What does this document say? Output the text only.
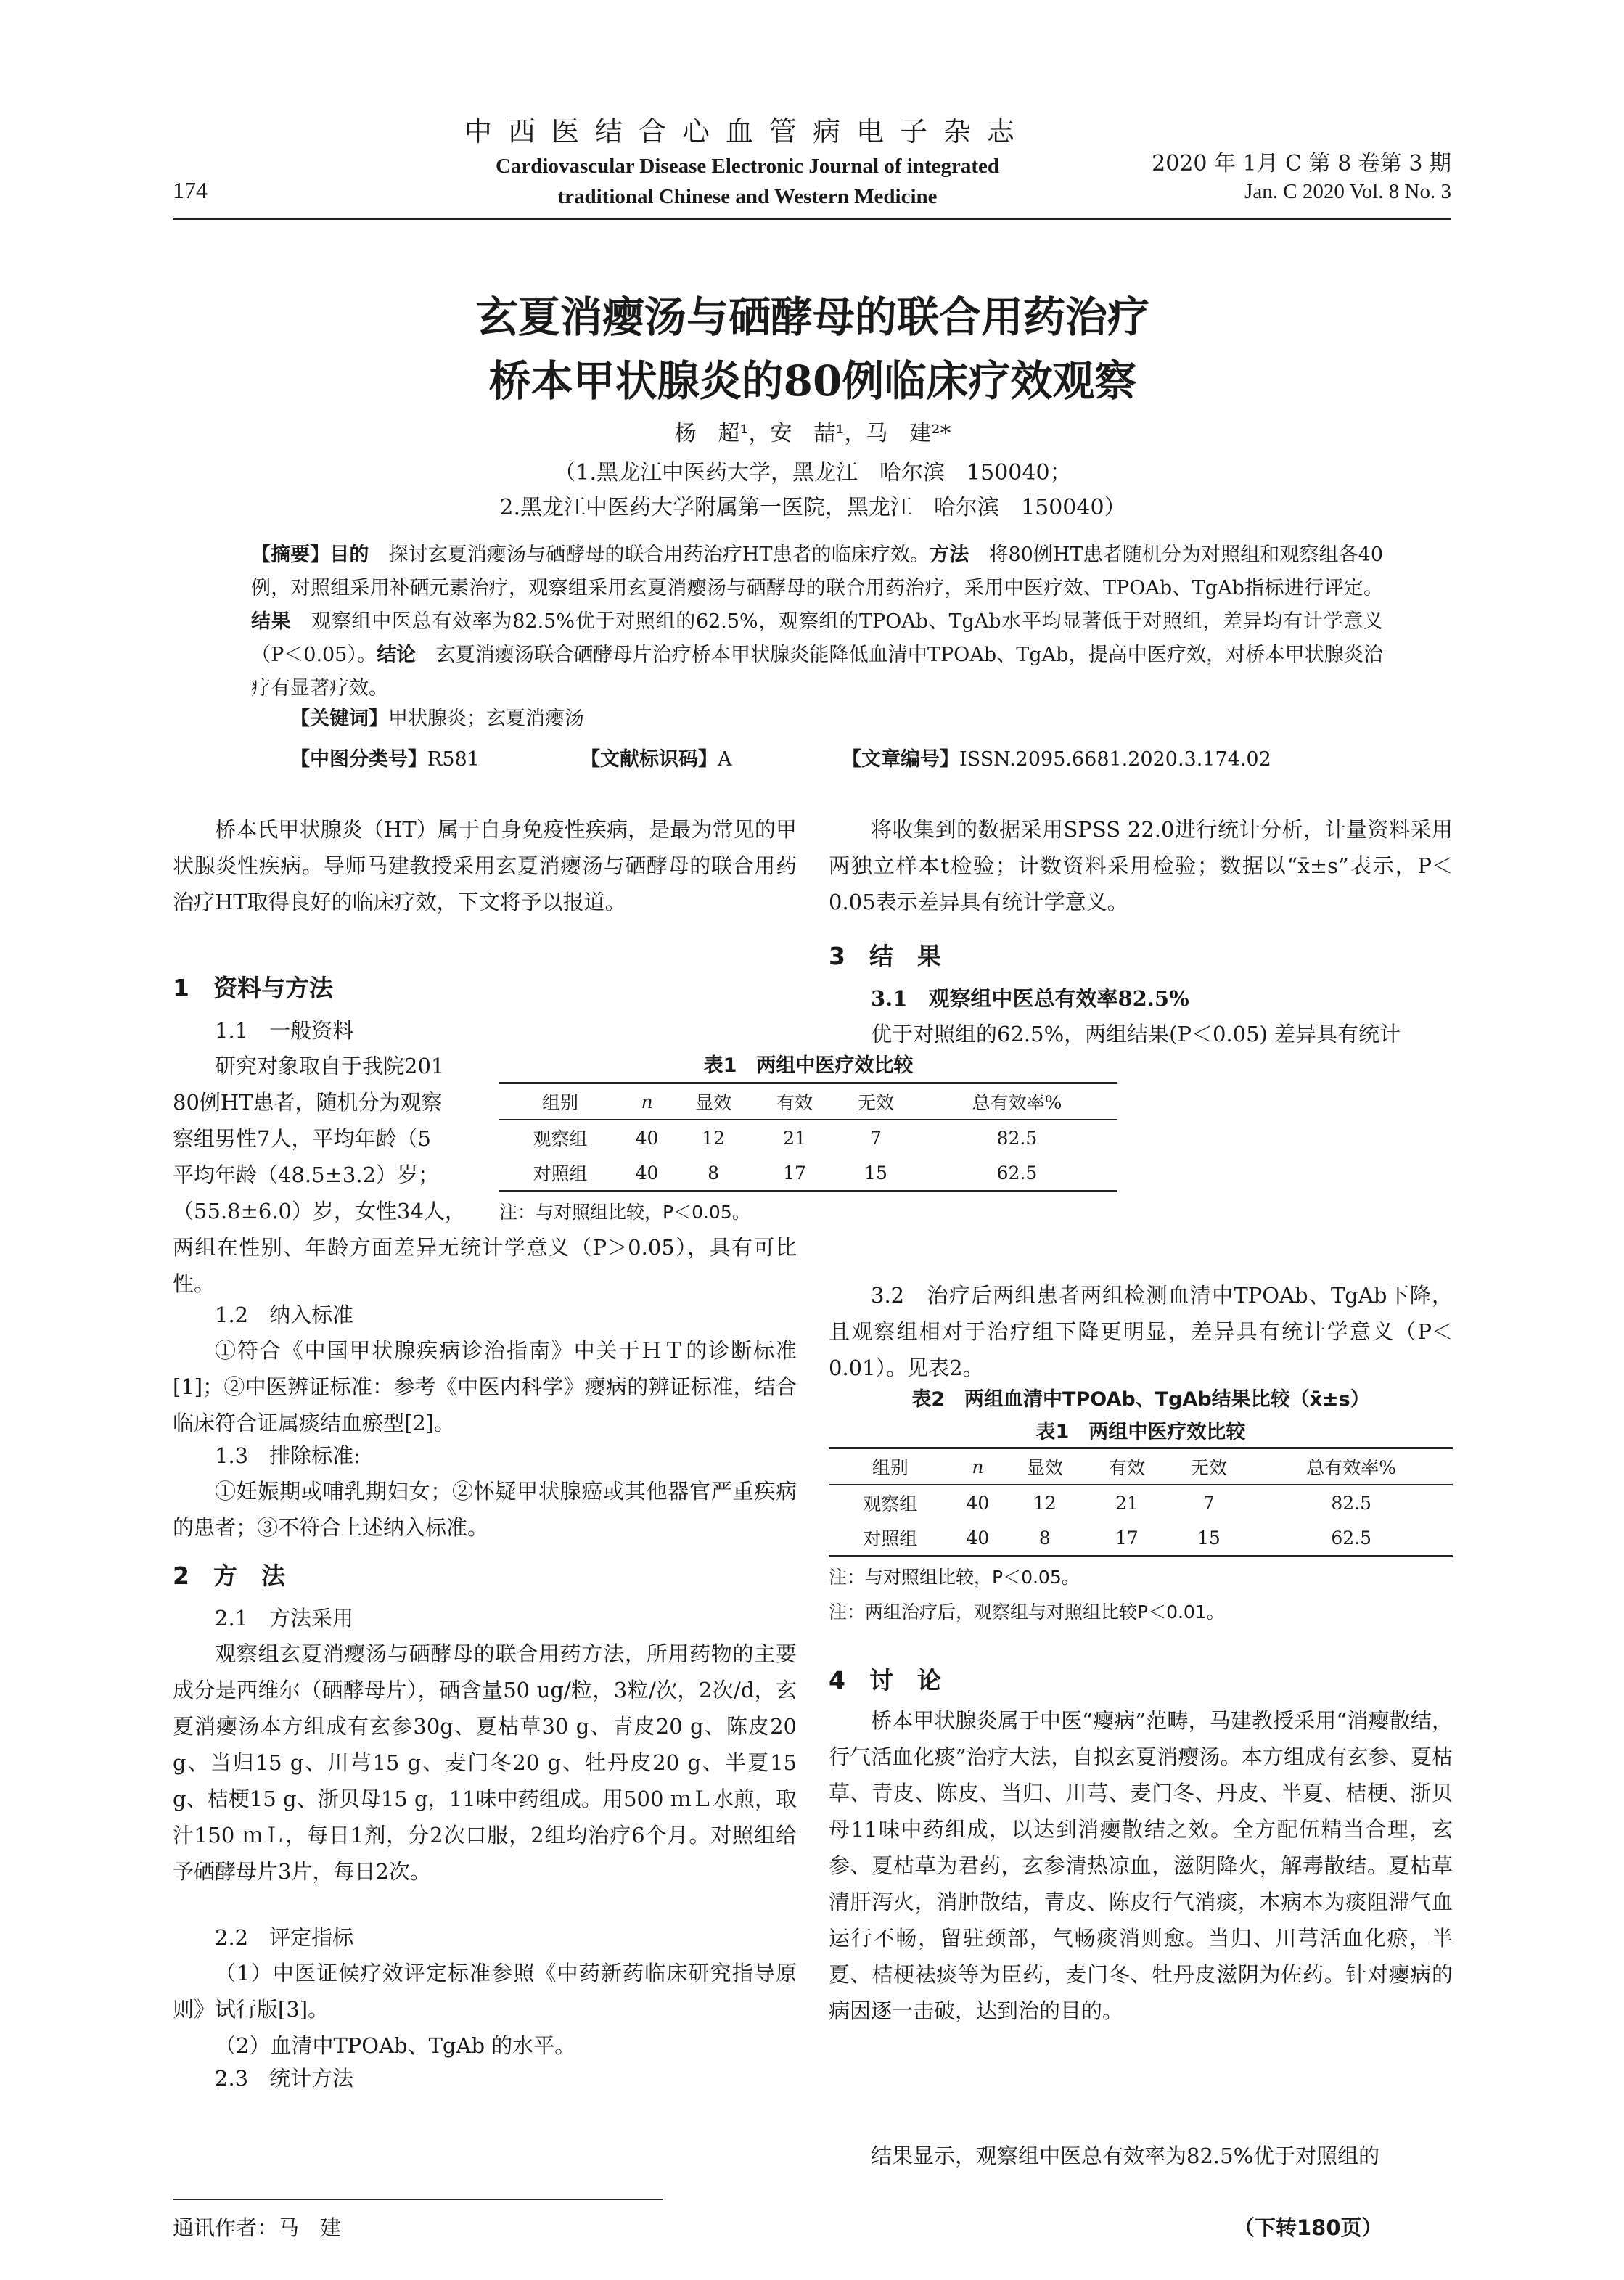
中西医结合心血管病电子杂志
Cardiovascular Disease Electronic Journal of integrated
traditional Chinese and Western Medicine
174
2020 年 1月 C 第 8 卷第 3 期
Jan. C 2020 Vol. 8 No. 3
玄夏消瘿汤与硒酵母的联合用药治疗
桥本甲状腺炎的80例临床疗效观察
杨　超¹，安　喆¹，马　建²*
（1.黑龙江中医药大学，黑龙江　哈尔滨　150040；
2.黑龙江中医药大学附属第一医院，黑龙江　哈尔滨　150040）
【摘要】目的　探讨玄夏消瘿汤与硒酵母的联合用药治疗HT患者的临床疗效。方法　将80例HT患者随机分为对照组和观察组各40例，对照组采用补硒元素治疗，观察组采用玄夏消瘿汤与硒酵母的联合用药治疗，采用中医疗效、TPOAb、TgAb指标进行评定。结果　观察组中医总有效率为82.5%优于对照组的62.5%，观察组的TPOAb、TgAb水平均显著低于对照组，差异均有计学意义（P＜0.05）。结论　玄夏消瘿汤联合硒酵母片治疗桥本甲状腺炎能降低血清中TPOAb、TgAb，提高中医疗效，对桥本甲状腺炎治疗有显著疗效。
【关键词】甲状腺炎；玄夏消瘿汤
【中图分类号】R581	【文献标识码】A	【文章编号】ISSN.2095.6681.2020.3.174.02
桥本氏甲状腺炎（HT）属于自身免疫性疾病，是最为常见的甲状腺炎性疾病。导师马建教授采用玄夏消瘿汤与硒酵母的联合用药治疗HT取得良好的临床疗效，下文将予以报道。
1　资料与方法
1.1　一般资料
研究对象取自于我院201
80例HT患者，随机分为观察
察组男性7人，平均年龄（5
平均年龄（48.5±3.2）岁；
（55.8±6.0）岁，女性34人，
两组在性别、年龄方面差异无统计学意义（P＞0.05），具有可比性。
1.2　纳入标准
①符合《中国甲状腺疾病诊治指南》中关于ＨＴ的诊断标准[1]；②中医辨证标准：参考《中医内科学》瘿病的辨证标准，结合临床符合证属痰结血瘀型[2]。
1.3　排除标准:
①妊娠期或哺乳期妇女；②怀疑甲状腺癌或其他器官严重疾病的患者；③不符合上述纳入标准。
2　方　法
2.1　方法采用
观察组玄夏消瘿汤与硒酵母的联合用药方法，所用药物的主要成分是西维尔（硒酵母片），硒含量50 ug/粒，3粒/次，2次/d，玄夏消瘿汤本方组成有玄参30g、夏枯草30 g、青皮20 g、陈皮20 g、当归15 g、川芎15 g、麦门冬20 g、牡丹皮20 g、半夏15 g、桔梗15 g、浙贝母15 g，11味中药组成。用500 ｍＬ水煎，取汁150 ｍＬ，每日1剂，分2次口服，2组均治疗6个月。对照组给予硒酵母片3片，每日2次。
2.2　评定指标
（1）中医证候疗效评定标准参照《中药新药临床研究指导原则》试行版[3]。
（2）血清中TPOAb、TgAb 的水平。
2.3　统计方法
将收集到的数据采用SPSS 22.0进行统计分析，计量资料采用两独立样本t检验；计数资料采用检验；数据以“x̄±s”表示，P＜0.05表示差异具有统计学意义。
3　结　果
3.1　观察组中医总有效率82.5%
优于对照组的62.5%，两组结果(P＜0.05) 差异具有统计
表1　两组中医疗效比较
组别	n	显效	有效	无效	总有效率%
观察组	40	12	21	7	82.5
对照组	40	8	17	15	62.5
注：与对照组比较，P＜0.05。
3.2　治疗后两组患者两组检测血清中TPOAb、TgAb下降，且观察组相对于治疗组下降更明显，差异具有统计学意义（P＜0.01）。见表2。
表2　两组血清中TPOAb、TgAb结果比较（x̄±s）
表1　两组中医疗效比较
组别	n	显效	有效	无效	总有效率%
观察组	40	12	21	7	82.5
对照组	40	8	17	15	62.5
注：与对照组比较，P＜0.05。
注：两组治疗后，观察组与对照组比较P＜0.01。
4　讨　论
桥本甲状腺炎属于中医“瘿病”范畴，马建教授采用“消瘿散结，行气活血化痰”治疗大法，自拟玄夏消瘿汤。本方组成有玄参、夏枯草、青皮、陈皮、当归、川芎、麦门冬、丹皮、半夏、桔梗、浙贝母11味中药组成，以达到消瘿散结之效。全方配伍精当合理，玄参、夏枯草为君药，玄参清热凉血，滋阴降火，解毒散结。夏枯草清肝泻火，消肿散结，青皮、陈皮行气消痰，本病本为痰阻滞气血运行不畅，留驻颈部，气畅痰消则愈。当归、川芎活血化瘀，半夏、桔梗祛痰等为臣药，麦门冬、牡丹皮滋阴为佐药。针对瘿病的病因逐一击破，达到治的目的。
结果显示，观察组中医总有效率为82.5%优于对照组的
通讯作者：马　建	（下转180页）
